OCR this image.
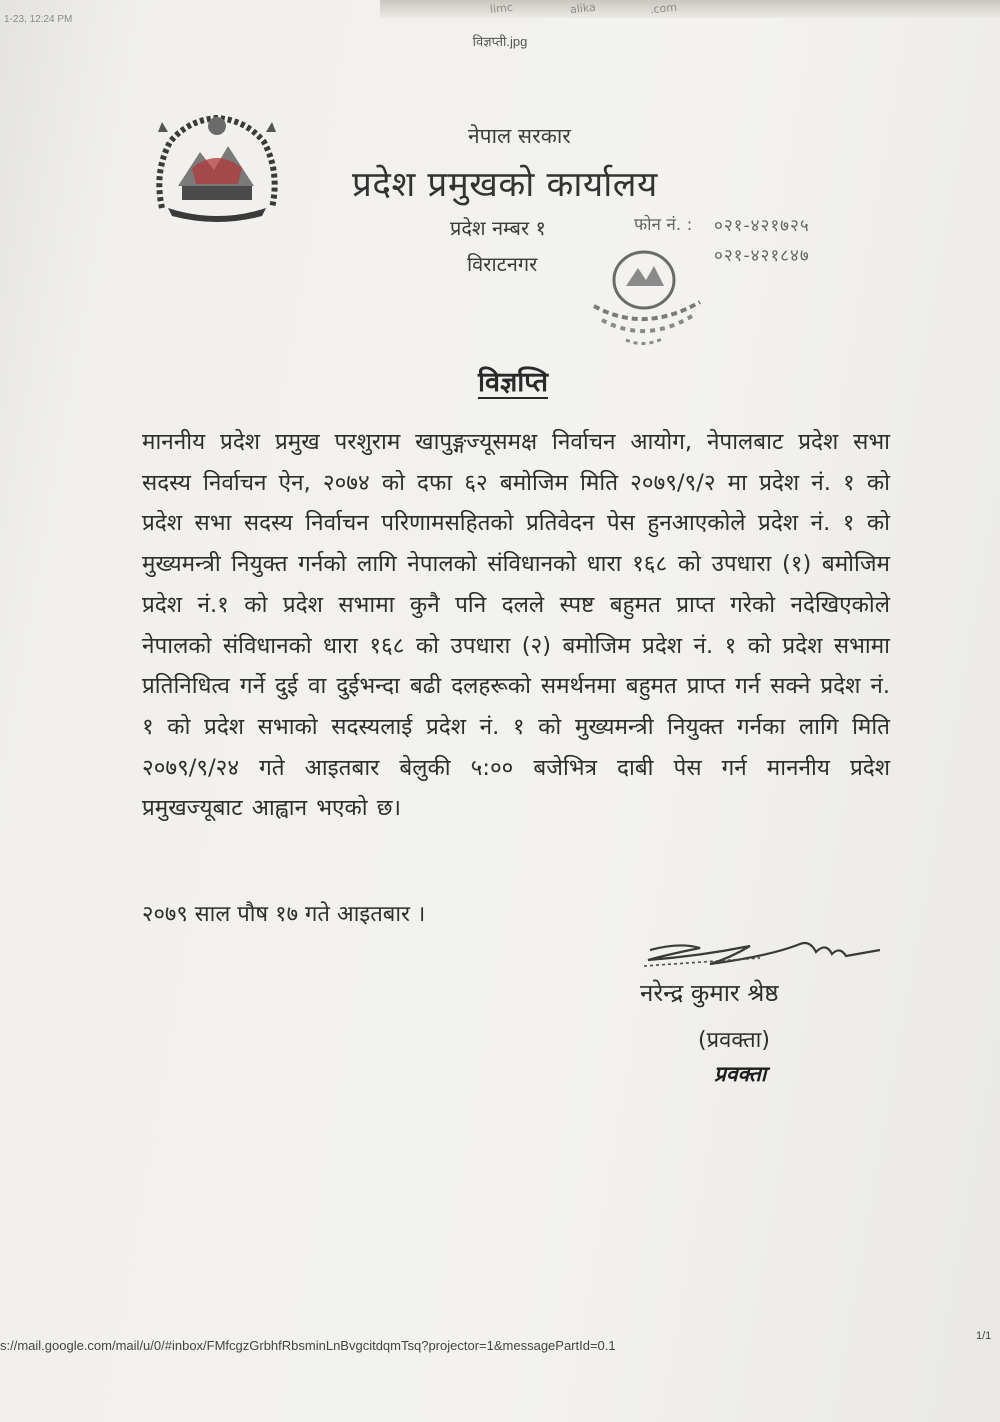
limc	alika	.com
1-23, 12:24 PM
विज्ञप्ती.jpg
नेपाल सरकार
प्रदेश प्रमुखको कार्यालय
प्रदेश नम्बर १
विराटनगर
फोन नं. : ०२१-४२१७२५
०२१-४२१८४७
विज्ञप्ति
माननीय प्रदेश प्रमुख परशुराम खापुङ्गज्यूसमक्ष निर्वाचन आयोग, नेपालबाट प्रदेश सभा सदस्य निर्वाचन ऐन, २०७४ को दफा ६२ बमोजिम मिति २०७९/९/२ मा प्रदेश नं. १ को प्रदेश सभा सदस्य निर्वाचन परिणामसहितको प्रतिवेदन पेस हुनआएकोले प्रदेश नं. १ को मुख्यमन्त्री नियुक्त गर्नको लागि नेपालको संविधानको धारा १६८ को उपधारा (१) बमोजिम प्रदेश नं.१ को प्रदेश सभामा कुनै पनि दलले स्पष्ट बहुमत प्राप्त गरेको नदेखिएकोले नेपालको संविधानको धारा १६८ को उपधारा (२) बमोजिम प्रदेश नं. १ को प्रदेश सभामा प्रतिनिधित्व गर्ने दुई वा दुईभन्दा बढी दलहरूको समर्थनमा बहुमत प्राप्त गर्न सक्ने प्रदेश नं. १ को प्रदेश सभाको सदस्यलाई प्रदेश नं. १ को मुख्यमन्त्री नियुक्त गर्नका लागि मिति २०७९/९/२४ गते आइतबार बेलुकी ५:०० बजेभित्र दाबी पेस गर्न माननीय प्रदेश प्रमुखज्यूबाट आह्वान भएको छ।
२०७९ साल पौष १७ गते आइतबार ।
नरेन्द्र कुमार श्रेष्ठ
(प्रवक्ता)
प्रवक्ता
s://mail.google.com/mail/u/0/#inbox/FMfcgzGrbhfRbsminLnBvgcitdqmTsq?projector=1&messagePartId=0.1
1/1
